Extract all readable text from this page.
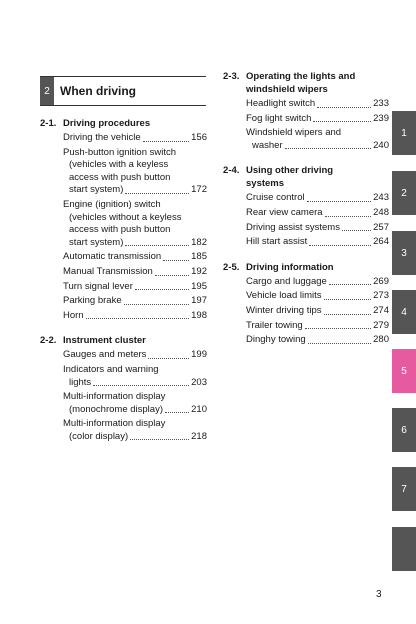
2 When driving
2-1. Driving procedures
Driving the vehicle	156
Push-button ignition switch
(vehicles with a keyless
access with push button
start system)	172
Engine (ignition) switch
(vehicles without a keyless
access with push button
start system)	182
Automatic transmission	185
Manual Transmission	192
Turn signal lever	195
Parking brake	197
Horn	198
2-2. Instrument cluster
Gauges and meters	199
Indicators and warning
lights	203
Multi-information display
(monochrome display)	210
Multi-information display
(color display)	218
2-3. Operating the lights and
windshield wipers
Headlight switch	233
Fog light switch	239
Windshield wipers and
washer	240
2-4. Using other driving
systems
Cruise control	243
Rear view camera	248
Driving assist systems	257
Hill start assist	264
2-5. Driving information
Cargo and luggage	269
Vehicle load limits	273
Winter driving tips	274
Trailer towing	279
Dinghy towing	280
1
2
3
4
5
6
7
3
